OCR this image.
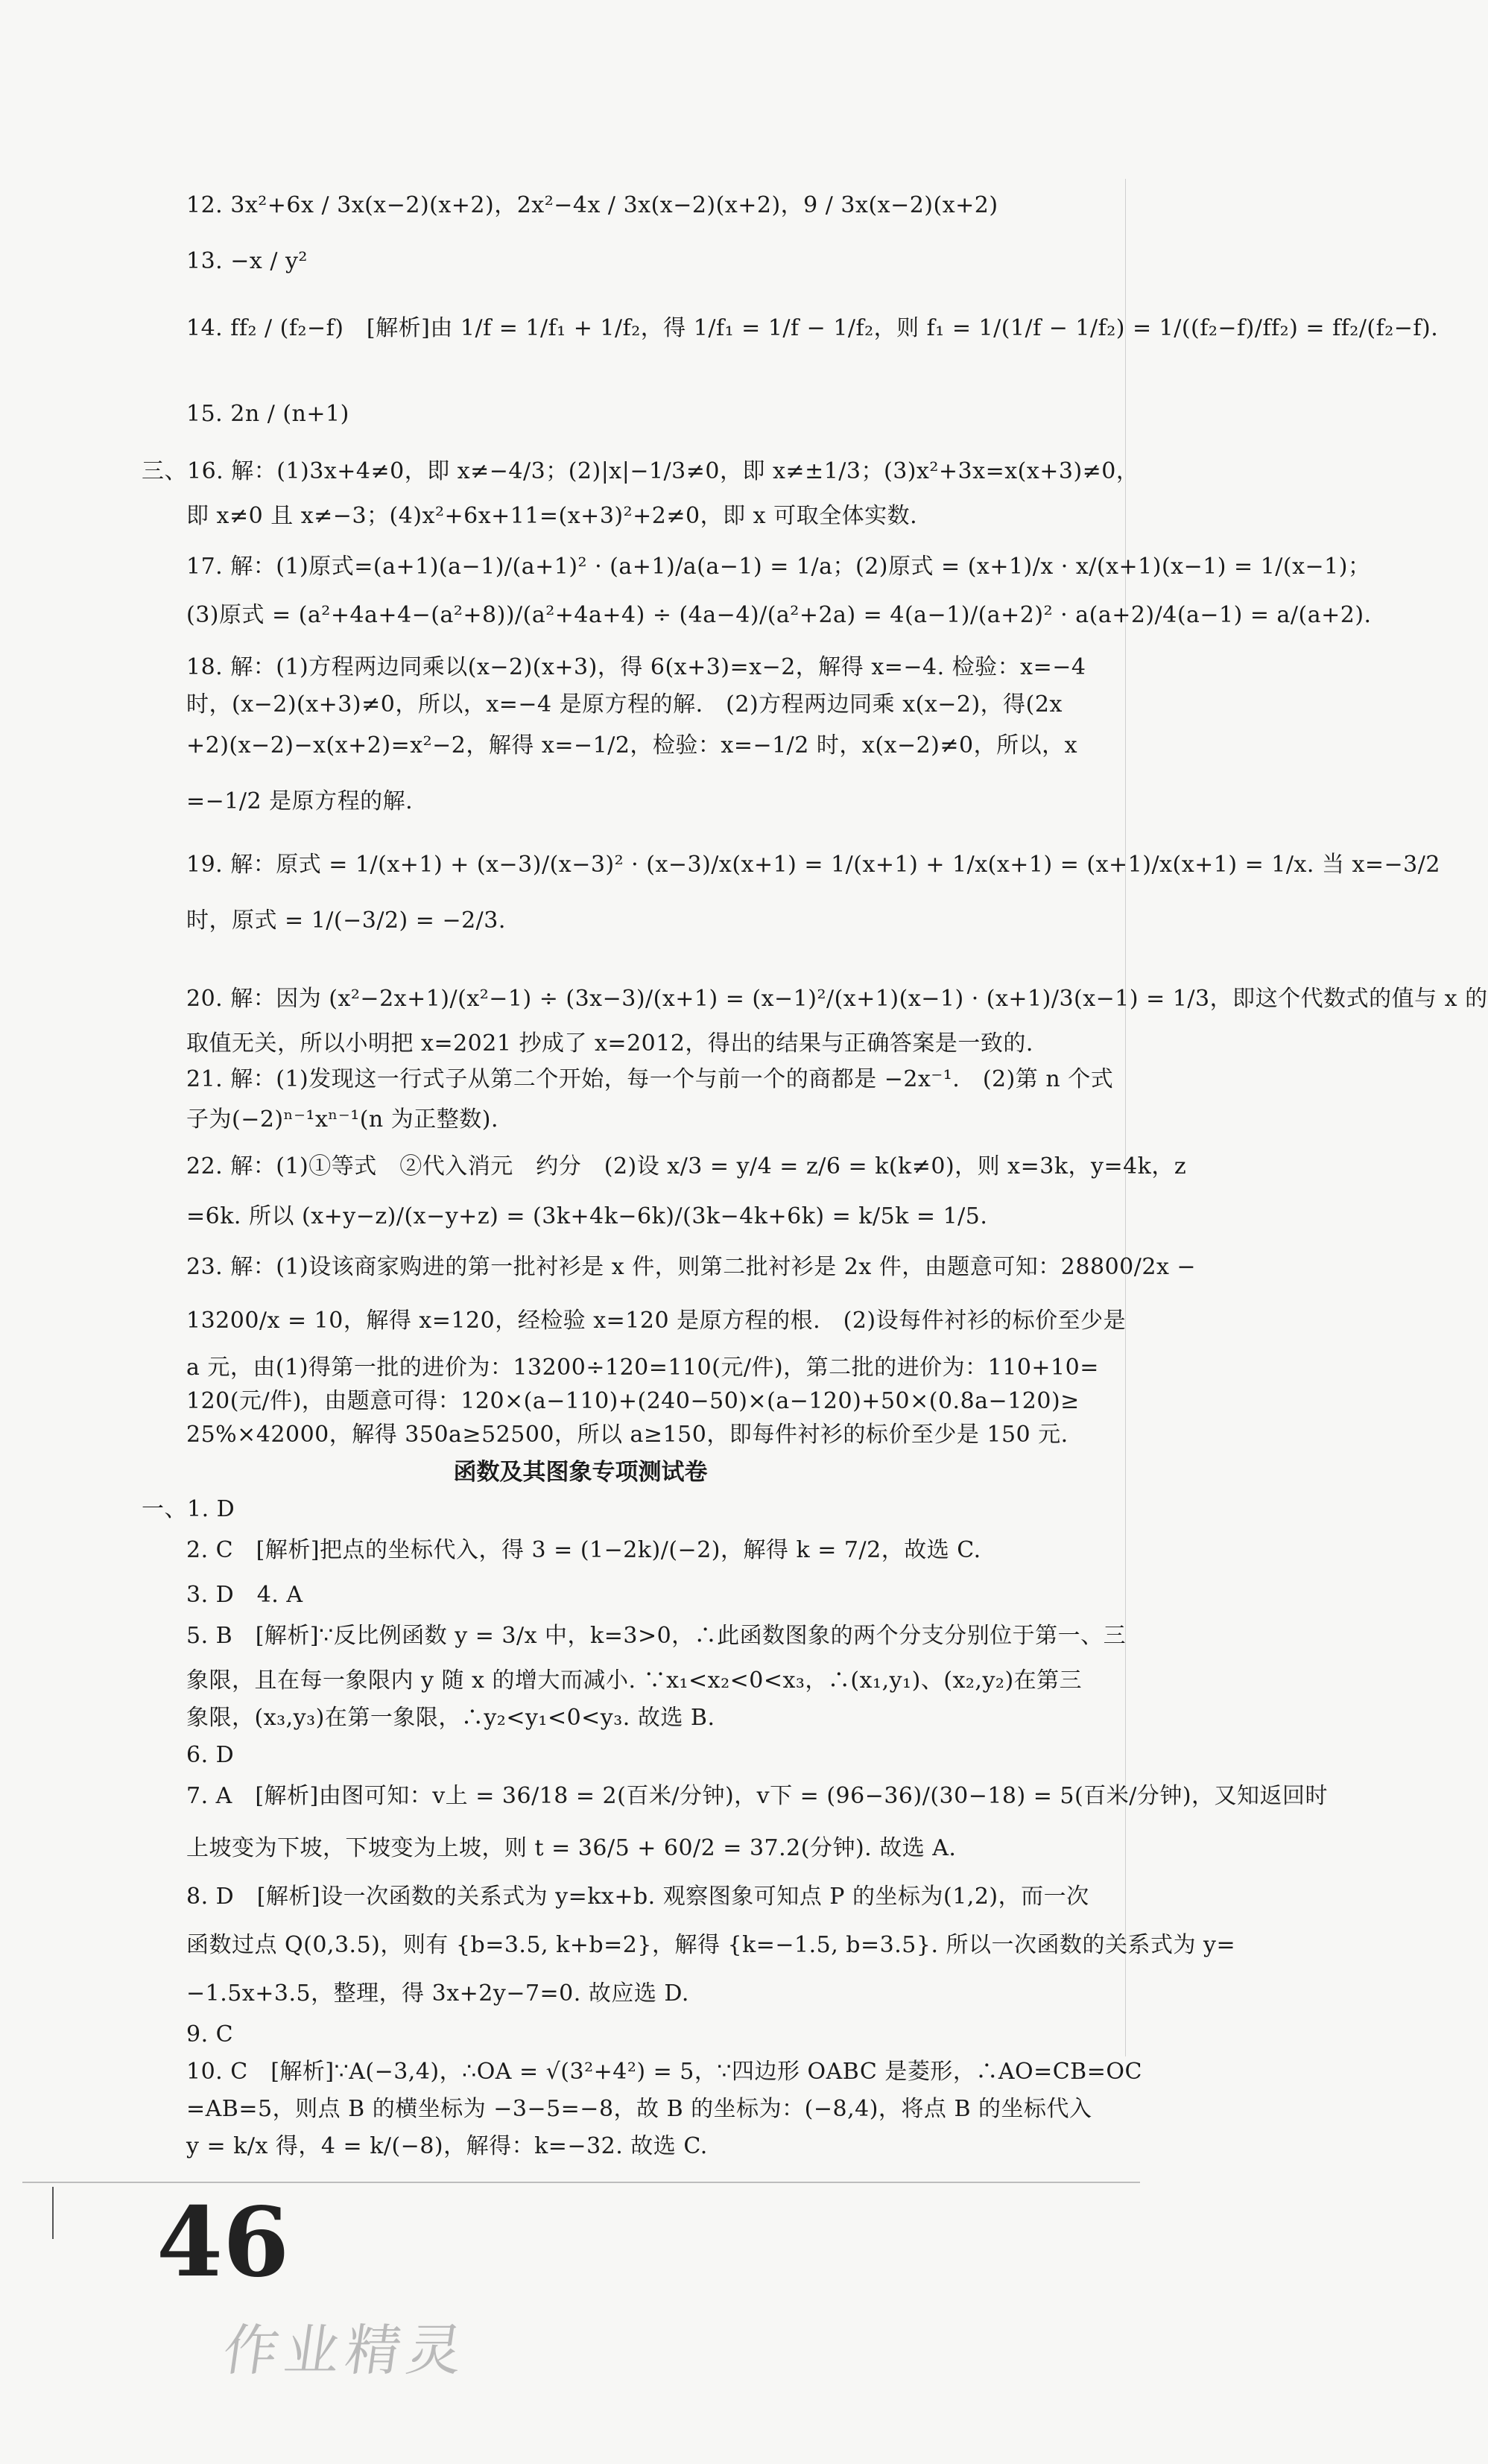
12. 3x²+6x / 3x(x−2)(x+2)，2x²−4x / 3x(x−2)(x+2)，9 / 3x(x−2)(x+2)
13. −x / y²
14. ff₂ / (f₂−f)　[解析]由 1/f = 1/f₁ + 1/f₂，得 1/f₁ = 1/f − 1/f₂，则 f₁ = 1/(1/f − 1/f₂) = 1/((f₂−f)/ff₂) = ff₂/(f₂−f).
15. 2n / (n+1)
三、16. 解：(1)3x+4≠0，即 x≠−4/3；(2)|x|−1/3≠0，即 x≠±1/3；(3)x²+3x=x(x+3)≠0，
即 x≠0 且 x≠−3；(4)x²+6x+11=(x+3)²+2≠0，即 x 可取全体实数.
17. 解：(1)原式=(a+1)(a−1)/(a+1)² · (a+1)/a(a−1) = 1/a；(2)原式 = (x+1)/x · x/(x+1)(x−1) = 1/(x−1)；
(3)原式 = (a²+4a+4−(a²+8))/(a²+4a+4) ÷ (4a−4)/(a²+2a) = 4(a−1)/(a+2)² · a(a+2)/4(a−1) = a/(a+2).
18. 解：(1)方程两边同乘以(x−2)(x+3)，得 6(x+3)=x−2，解得 x=−4. 检验：x=−4
时，(x−2)(x+3)≠0，所以，x=−4 是原方程的解.　(2)方程两边同乘 x(x−2)，得(2x
+2)(x−2)−x(x+2)=x²−2，解得 x=−1/2，检验：x=−1/2 时，x(x−2)≠0，所以，x
=−1/2 是原方程的解.
19. 解：原式 = 1/(x+1) + (x−3)/(x−3)² · (x−3)/x(x+1) = 1/(x+1) + 1/x(x+1) = (x+1)/x(x+1) = 1/x. 当 x=−3/2
时，原式 = 1/(−3/2) = −2/3.
20. 解：因为 (x²−2x+1)/(x²−1) ÷ (3x−3)/(x+1) = (x−1)²/(x+1)(x−1) · (x+1)/3(x−1) = 1/3，即这个代数式的值与 x 的
取值无关，所以小明把 x=2021 抄成了 x=2012，得出的结果与正确答案是一致的.
21. 解：(1)发现这一行式子从第二个开始，每一个与前一个的商都是 −2x⁻¹.　(2)第 n 个式
子为(−2)ⁿ⁻¹xⁿ⁻¹(n 为正整数).
22. 解：(1)①等式　②代入消元　约分　(2)设 x/3 = y/4 = z/6 = k(k≠0)，则 x=3k，y=4k，z
=6k. 所以 (x+y−z)/(x−y+z) = (3k+4k−6k)/(3k−4k+6k) = k/5k = 1/5.
23. 解：(1)设该商家购进的第一批衬衫是 x 件，则第二批衬衫是 2x 件，由题意可知：28800/2x −
13200/x = 10，解得 x=120，经检验 x=120 是原方程的根.　(2)设每件衬衫的标价至少是
a 元，由(1)得第一批的进价为：13200÷120=110(元/件)，第二批的进价为：110+10=
120(元/件)，由题意可得：120×(a−110)+(240−50)×(a−120)+50×(0.8a−120)≥
25%×42000，解得 350a≥52500，所以 a≥150，即每件衬衫的标价至少是 150 元.
函数及其图象专项测试卷
一、1. D
2. C　[解析]把点的坐标代入，得 3 = (1−2k)/(−2)，解得 k = 7/2，故选 C.
3. D　4. A
5. B　[解析]∵反比例函数 y = 3/x 中，k=3>0，∴此函数图象的两个分支分别位于第一、三
象限，且在每一象限内 y 随 x 的增大而减小. ∵x₁<x₂<0<x₃，∴(x₁,y₁)、(x₂,y₂)在第三
象限，(x₃,y₃)在第一象限，∴y₂<y₁<0<y₃. 故选 B.
6. D
7. A　[解析]由图可知：v上 = 36/18 = 2(百米/分钟)，v下 = (96−36)/(30−18) = 5(百米/分钟)，又知返回时
上坡变为下坡，下坡变为上坡，则 t = 36/5 + 60/2 = 37.2(分钟). 故选 A.
8. D　[解析]设一次函数的关系式为 y=kx+b. 观察图象可知点 P 的坐标为(1,2)，而一次
函数过点 Q(0,3.5)，则有 {b=3.5, k+b=2}，解得 {k=−1.5, b=3.5}. 所以一次函数的关系式为 y=
−1.5x+3.5，整理，得 3x+2y−7=0. 故应选 D.
9. C
10. C　[解析]∵A(−3,4)，∴OA = √(3²+4²) = 5，∵四边形 OABC 是菱形，∴AO=CB=OC
=AB=5，则点 B 的横坐标为 −3−5=−8，故 B 的坐标为：(−8,4)，将点 B 的坐标代入
y = k/x 得，4 = k/(−8)，解得：k=−32. 故选 C.
46
作业精灵
